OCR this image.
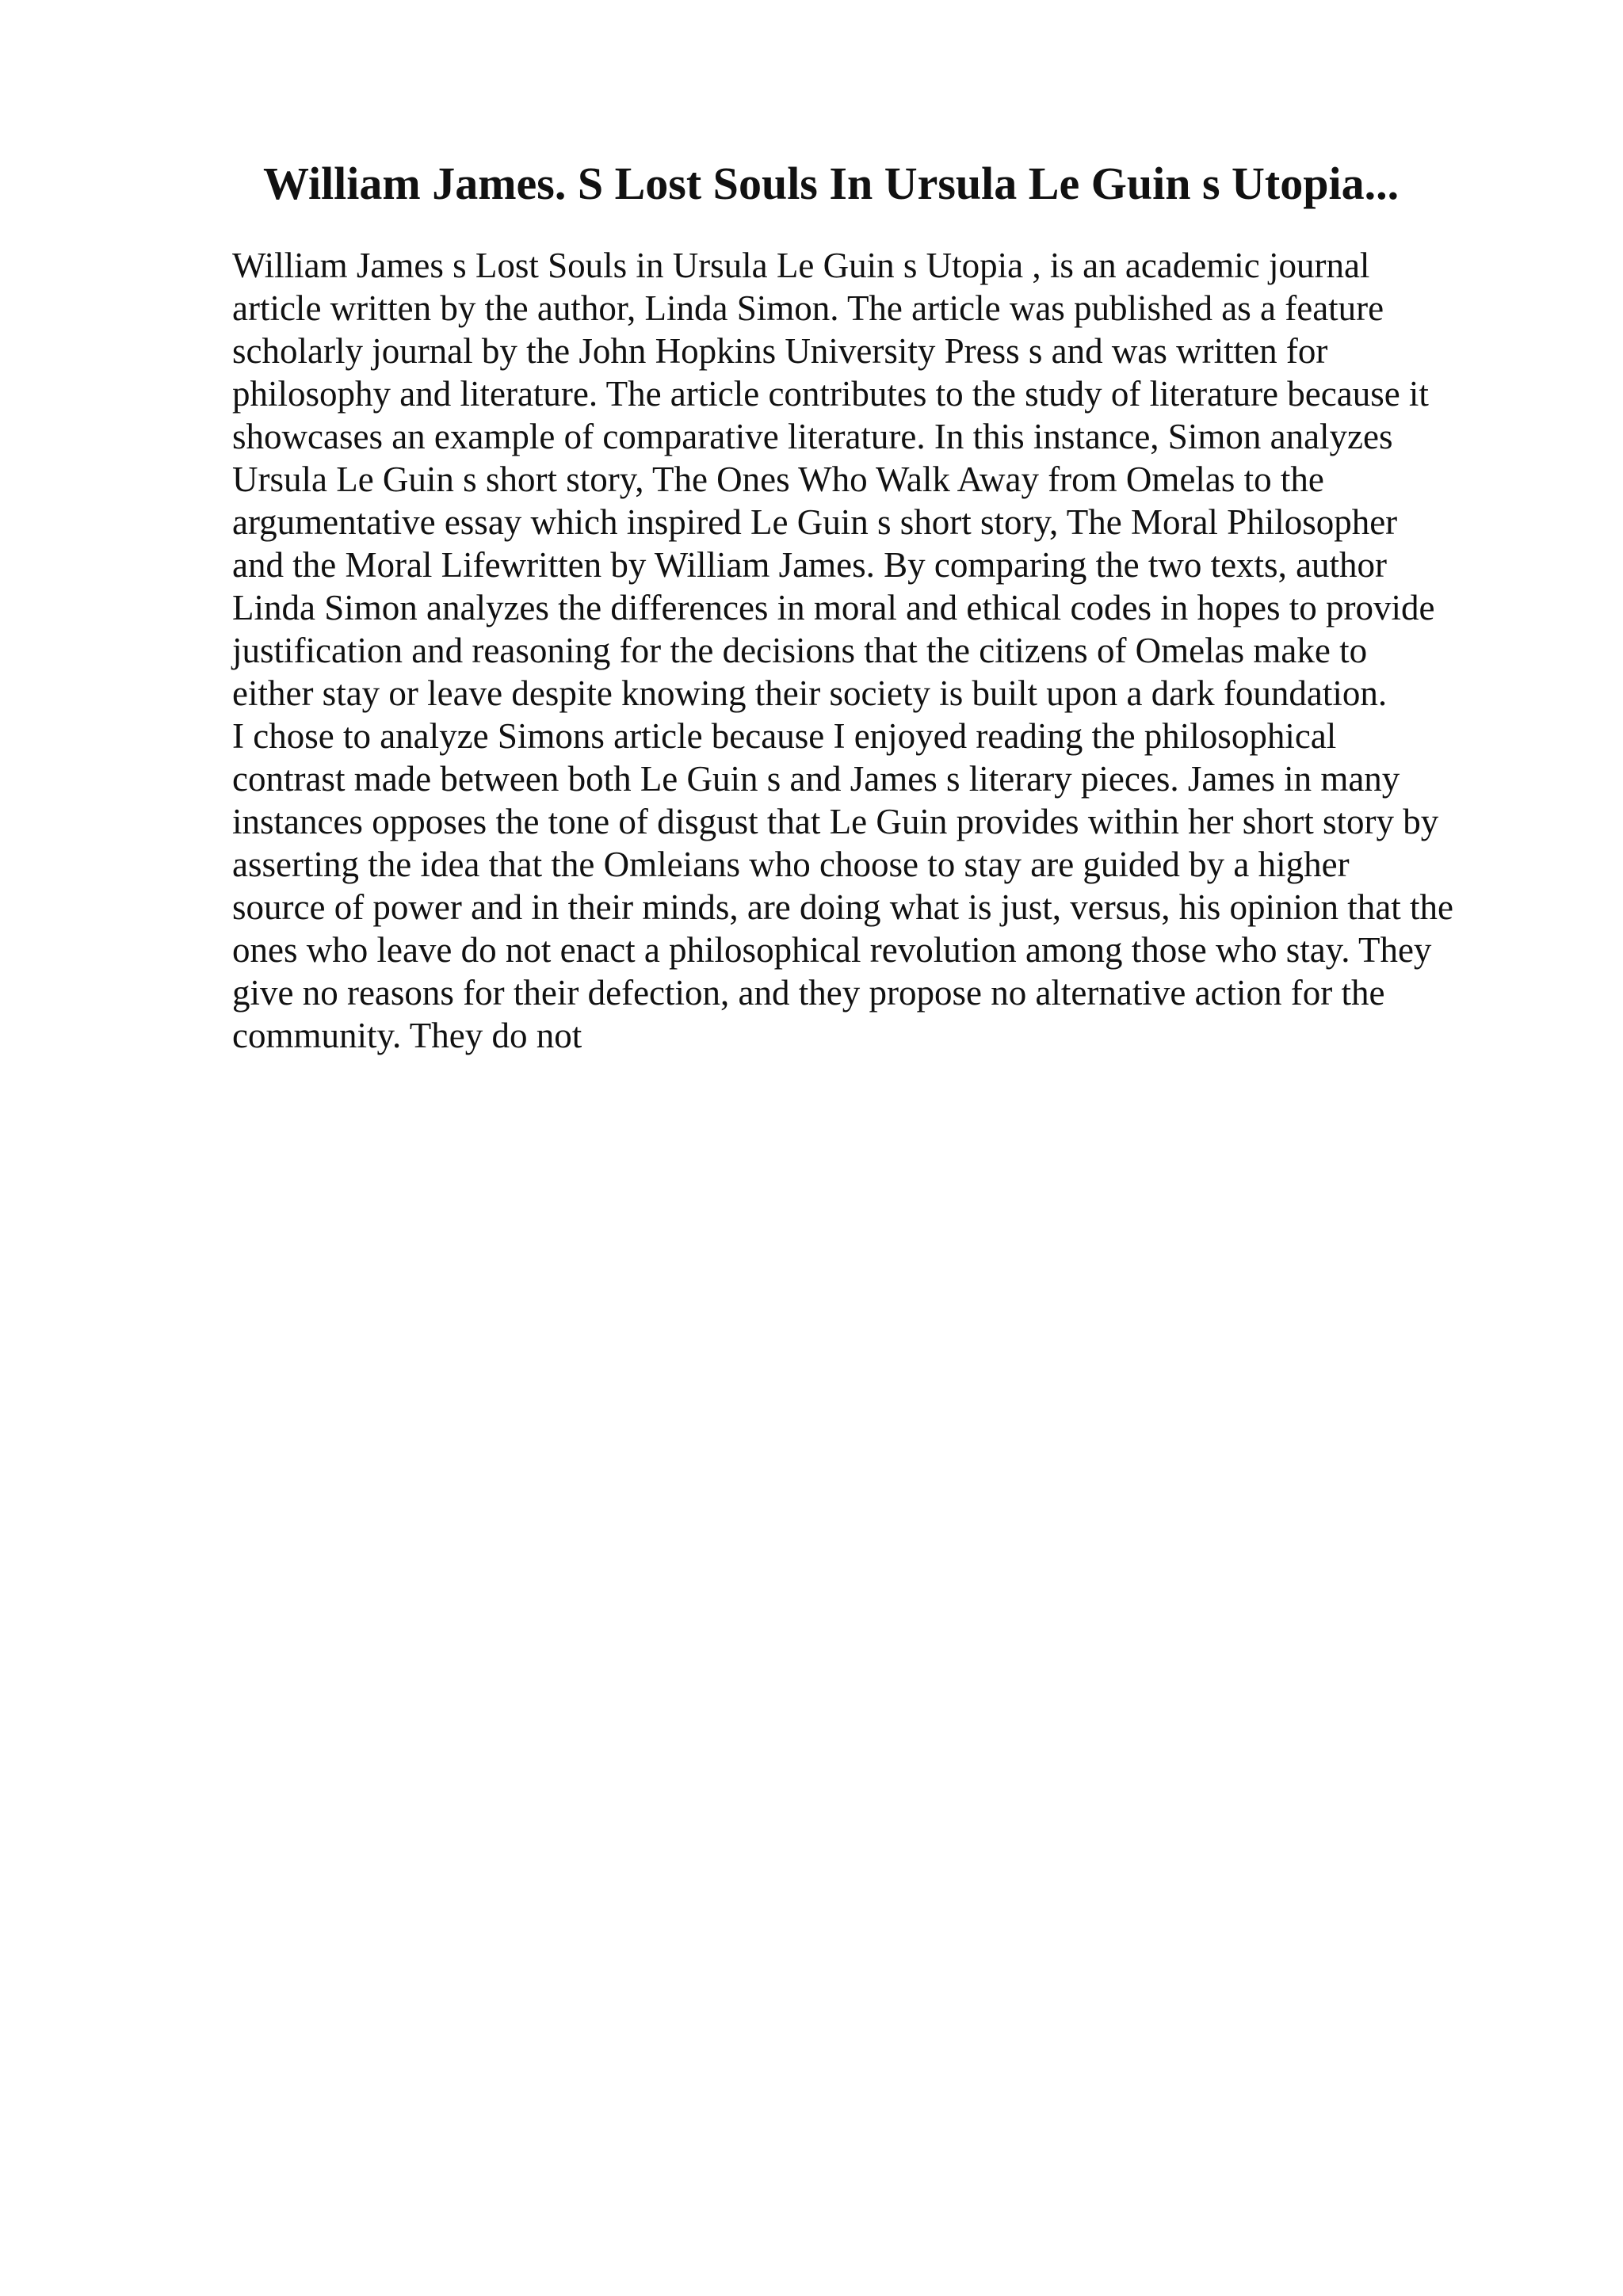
William James. S Lost Souls In Ursula Le Guin s Utopia...
William James s Lost Souls in Ursula Le Guin s Utopia , is an academic journal
article written by the author, Linda Simon. The article was published as a feature
scholarly journal by the John Hopkins University Press s and was written for
philosophy and literature. The article contributes to the study of literature because it
showcases an example of comparative literature. In this instance, Simon analyzes
Ursula Le Guin s short story, The Ones Who Walk Away from Omelas to the
argumentative essay which inspired Le Guin s short story, The Moral Philosopher
and the Moral Lifewritten by William James. By comparing the two texts, author
Linda Simon analyzes the differences in moral and ethical codes in hopes to provide
justification and reasoning for the decisions that the citizens of Omelas make to
either stay or leave despite knowing their society is built upon a dark foundation.
I chose to analyze Simons article because I enjoyed reading the philosophical
contrast made between both Le Guin s and James s literary pieces. James in many
instances opposes the tone of disgust that Le Guin provides within her short story by
asserting the idea that the Omleians who choose to stay are guided by a higher
source of power and in their minds, are doing what is just, versus, his opinion that the
ones who leave do not enact a philosophical revolution among those who stay. They
give no reasons for their defection, and they propose no alternative action for the
community. They do not
